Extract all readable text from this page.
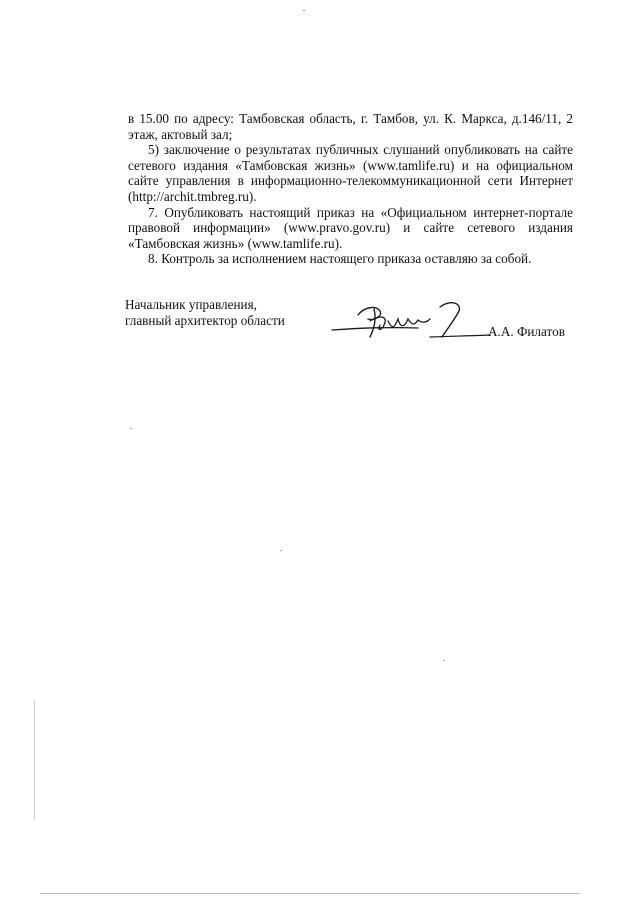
в 15.00 по адресу: Тамбовская область, г. Тамбов, ул. К. Маркса, д.146/11, 2 этаж, актовый зал;

5) заключение о результатах публичных слушаний опубликовать на сайте сетевого издания «Тамбовская жизнь» (www.tamlife.ru) и на официальном сайте управления в информационно-телекоммуникационной сети Интернет (http://archit.tmbreg.ru).

7. Опубликовать настоящий приказ на «Официальном интернет-портале правовой информации» (www.pravo.gov.ru) и сайте сетевого издания «Тамбовская жизнь» (www.tamlife.ru).

8. Контроль за исполнением настоящего приказа оставляю за собой.

Начальник управления,
главный архитектор области
А.А. Филатов
